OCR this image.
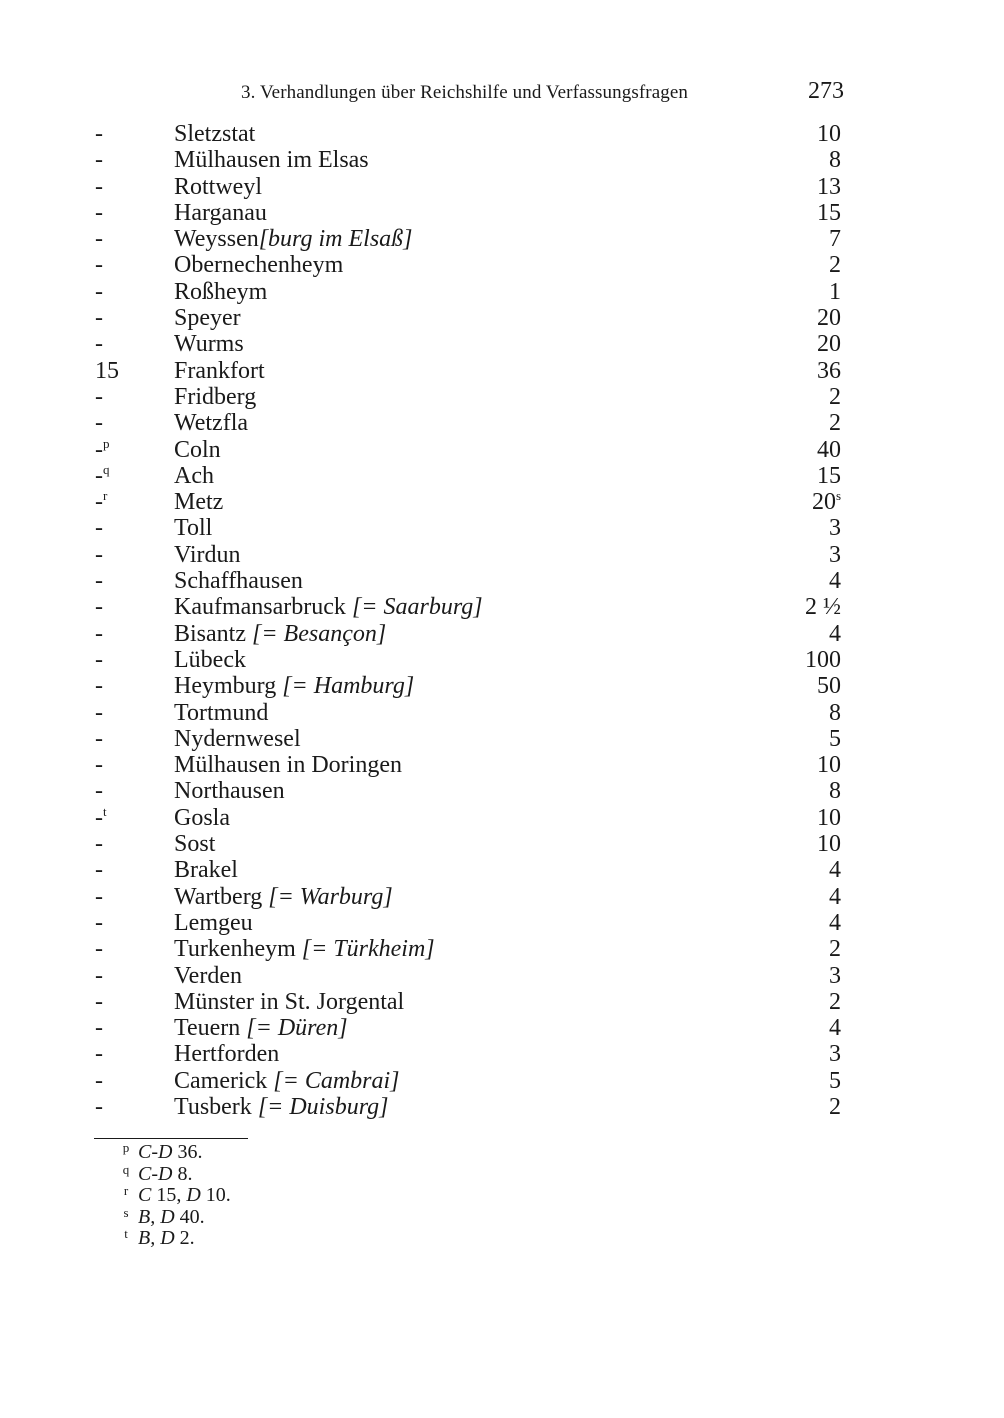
3. Verhandlungen über Reichshilfe und Verfassungsfragen	273
-	Sletzstat	10
-	Mülhausen im Elsas	8
-	Rottweyl	13
-	Harganau	15
-	Weyssen[burg im Elsaß]	7
-	Obernechenheym	2
-	Roßheym	1
-	Speyer	20
-	Wurms	20
15 Frankfort	36
-	Fridberg	2
-	Wetzfla	2
-$^p$	Coln	40
-$^q$	Ach	15
-$^r$	Metz	20$^s$
-	Toll	3
-	Virdun	3
-	Schaffhausen	4
-	Kaufmansarbruck [= Saarburg]	2 ½
-	Bisantz [= Besançon]	4
-	Lübeck	100
-	Heymburg [= Hamburg]	50
-	Tortmund	8
-	Nydernwesel	5
-	Mülhausen in Doringen	10
-	Northausen	8
-$^t$	Gosla	10
-	Sost	10
-	Brakel	4
-	Wartberg [= Warburg]	4
-	Lemgeu	4
-	Turkenheym [= Türkheim]	2
-	Verden	3
-	Münster in St. Jorgental	2
-	Teuern [= Düren]	4
-	Hertforden	3
-	Camerick [= Cambrai]	5
-	Tusberk [= Duisburg]	2
p C-D 36.
q C-D 8.
r C 15, D 10.
s B, D 40.
t B, D 2.
